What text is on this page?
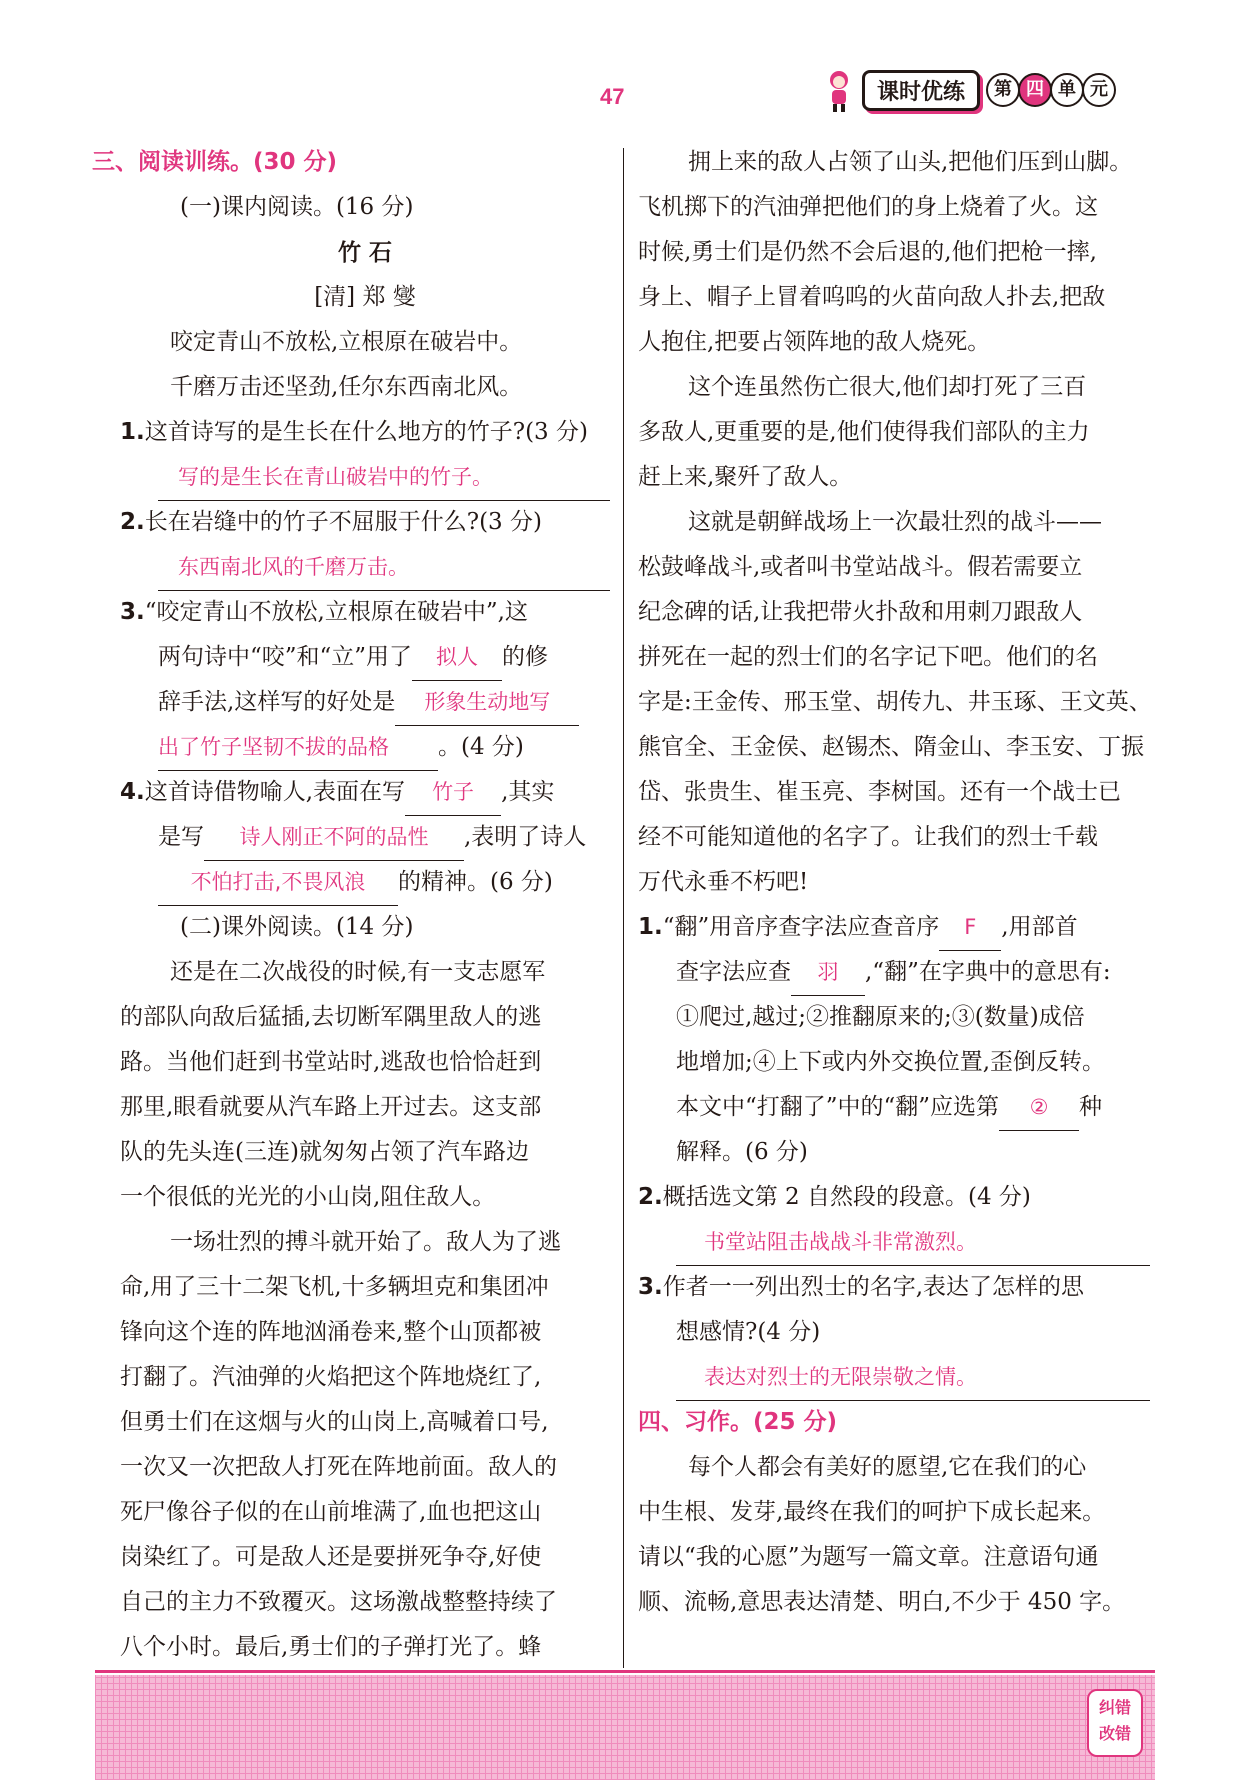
47	课时优练	第 四 单 元
三、阅读训练。(30 分)
(一)课内阅读。(16 分)
竹 石
[清] 郑 燮
咬定青山不放松,立根原在破岩中。
千磨万击还坚劲,任尔东西南北风。
1.这首诗写的是生长在什么地方的竹子?(3 分)
写的是生长在青山破岩中的竹子。
2.长在岩缝中的竹子不屈服于什么?(3 分)
东西南北风的千磨万击。
3.“咬定青山不放松,立根原在破岩中”,这
两句诗中“咬”和“立”用了 拟人 的修
辞手法,这样写的好处是 形象生动地写
出了竹子坚韧不拔的品格 。(4 分)
4.这首诗借物喻人,表面在写 竹子 ,其实
是写 诗人刚正不阿的品性 ,表明了诗人
不怕打击,不畏风浪 的精神。(6 分)
(二)课外阅读。(14 分)
还是在二次战役的时候,有一支志愿军
的部队向敌后猛插,去切断军隅里敌人的逃
路。当他们赶到书堂站时,逃敌也恰恰赶到
那里,眼看就要从汽车路上开过去。这支部
队的先头连(三连)就匆匆占领了汽车路边
一个很低的光光的小山岗,阻住敌人。
一场壮烈的搏斗就开始了。敌人为了逃
命,用了三十二架飞机,十多辆坦克和集团冲
锋向这个连的阵地汹涌卷来,整个山顶都被
打翻了。汽油弹的火焰把这个阵地烧红了,
但勇士们在这烟与火的山岗上,高喊着口号,
一次又一次把敌人打死在阵地前面。敌人的
死尸像谷子似的在山前堆满了,血也把这山
岗染红了。可是敌人还是要拼死争夺,好使
自己的主力不致覆灭。这场激战整整持续了
八个小时。最后,勇士们的子弹打光了。蜂
拥上来的敌人占领了山头,把他们压到山脚。
飞机掷下的汽油弹把他们的身上烧着了火。这
时候,勇士们是仍然不会后退的,他们把枪一摔,
身上、帽子上冒着呜呜的火苗向敌人扑去,把敌
人抱住,把要占领阵地的敌人烧死。
这个连虽然伤亡很大,他们却打死了三百
多敌人,更重要的是,他们使得我们部队的主力
赶上来,聚歼了敌人。
这就是朝鲜战场上一次最壮烈的战斗——
松鼓峰战斗,或者叫书堂站战斗。假若需要立
纪念碑的话,让我把带火扑敌和用刺刀跟敌人
拼死在一起的烈士们的名字记下吧。他们的名
字是:王金传、邢玉堂、胡传九、井玉琢、王文英、
熊官全、王金侯、赵锡杰、隋金山、李玉安、丁振
岱、张贵生、崔玉亮、李树国。还有一个战士已
经不可能知道他的名字了。让我们的烈士千载
万代永垂不朽吧!
1.“翻”用音序查字法应查音序 F ,用部首
查字法应查 羽 ,“翻”在字典中的意思有:
①爬过,越过;②推翻原来的;③(数量)成倍
地增加;④上下或内外交换位置,歪倒反转。
本文中“打翻了”中的“翻”应选第 ② 种
解释。(6 分)
2.概括选文第 2 自然段的段意。(4 分)
书堂站阻击战战斗非常激烈。
3.作者一一列出烈士的名字,表达了怎样的思
想感情?(4 分)
表达对烈士的无限崇敬之情。
四、习作。(25 分)
每个人都会有美好的愿望,它在我们的心
中生根、发芽,最终在我们的呵护下成长起来。
请以“我的心愿”为题写一篇文章。注意语句通
顺、流畅,意思表达清楚、明白,不少于 450 字。
纠错
改错
